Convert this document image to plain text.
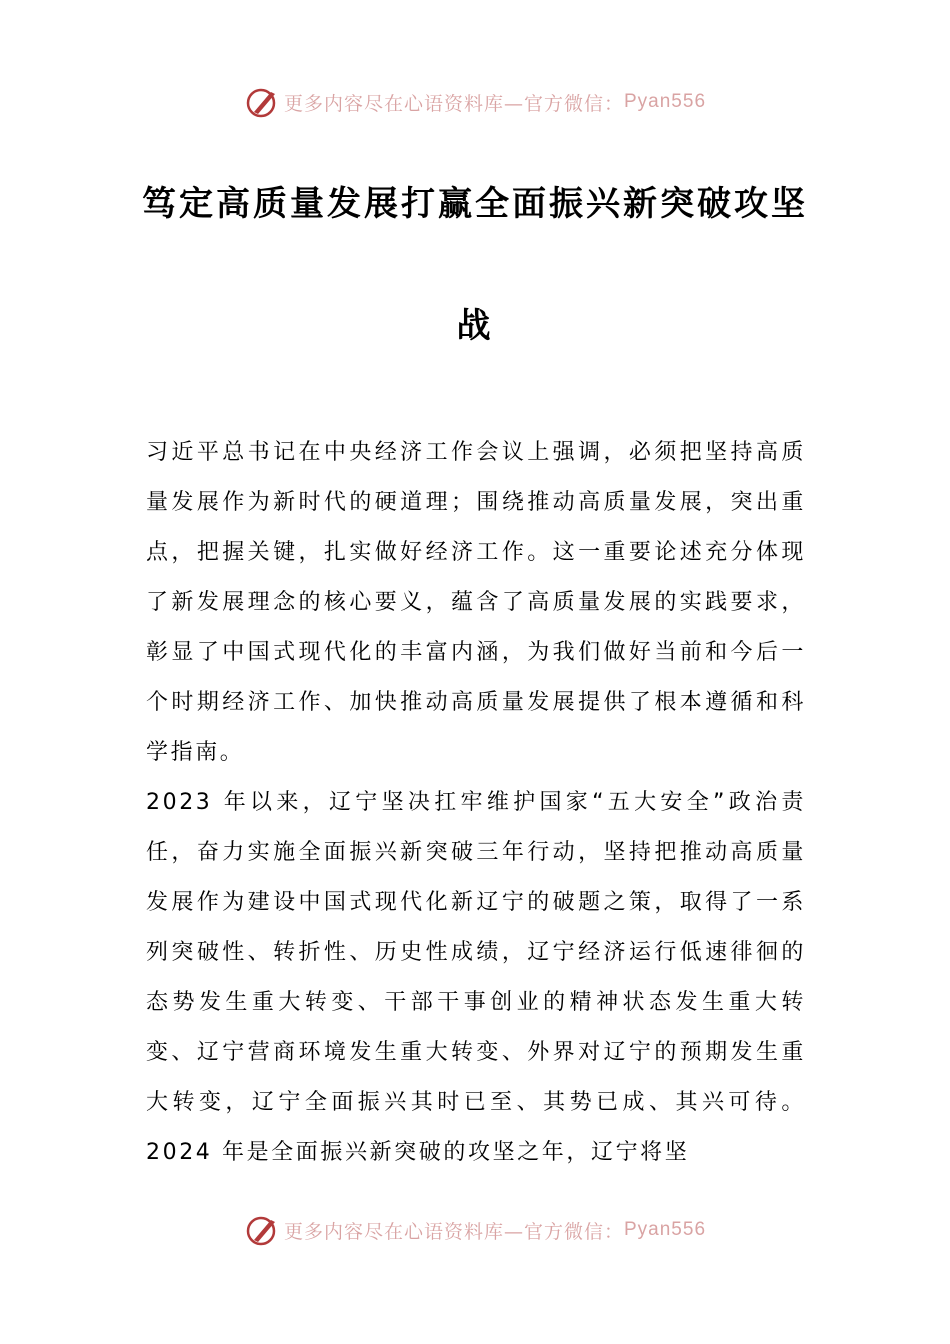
更多内容尽在心语资料库—官方微信： Pyan556
笃定高质量发展打赢全面振兴新突破攻坚
战

习近平总书记在中央经济工作会议上强调，必须把坚持高质量发展作为新时代的硬道理；围绕推动高质量发展，突出重点，把握关键，扎实做好经济工作。这一重要论述充分体现了新发展理念的核心要义，蕴含了高质量发展的实践要求，彰显了中国式现代化的丰富内涵，为我们做好当前和今后一个时期经济工作、加快推动高质量发展提供了根本遵循和科学指南。

2023 年以来，辽宁坚决扛牢维护国家“五大安全”政治责任，奋力实施全面振兴新突破三年行动，坚持把推动高质量发展作为建设中国式现代化新辽宁的破题之策，取得了一系列突破性、转折性、历史性成绩，辽宁经济运行低速徘徊的态势发生重大转变、干部干事创业的精神状态发生重大转变、辽宁营商环境发生重大转变、外界对辽宁的预期发生重大转变，辽宁全面振兴其时已至、其势已成、其兴可待。2024 年是全面振兴新突破的攻坚之年，辽宁将坚

更多内容尽在心语资料库—官方微信： Pyan556
